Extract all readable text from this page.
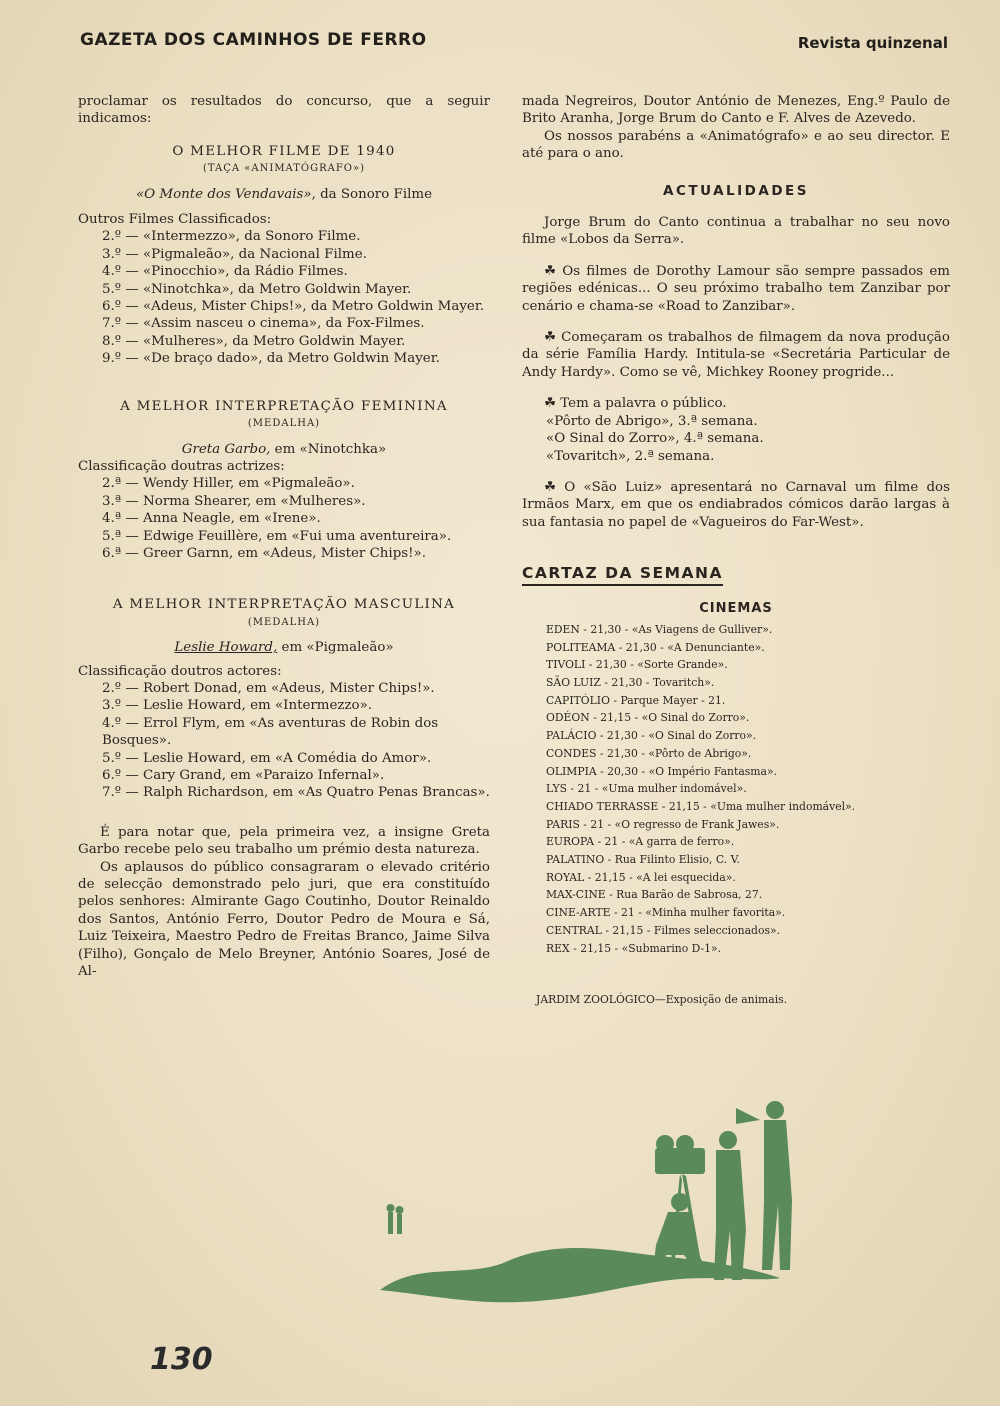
GAZETA DOS CAMINHOS DE FERRO	Revista quinzenal

proclamar os resultados do concurso, que a seguir indicamos:

O MELHOR FILME DE 1940

(TAÇA «ANIMATÓGRAFO»)

«O Monte dos Vendavais», da Sonoro Filme

Outros Filmes Classificados:

2.º — «Intermezzo», da Sonoro Filme.
3.º — «Pigmaleão», da Nacional Filme.
4.º — «Pinocchio», da Rádio Filmes.
5.º — «Ninotchka», da Metro Goldwin Mayer.
6.º — «Adeus, Mister Chips!», da Metro Goldwin Mayer.
7.º — «Assim nasceu o cinema», da Fox-Filmes.
8.º — «Mulheres», da Metro Goldwin Mayer.
9.º — «De braço dado», da Metro Goldwin Mayer.

A MELHOR INTERPRETAÇÃO FEMININA

(MEDALHA)

Greta Garbo, em «Ninotchka»

Classificação doutras actrizes:

2.ª — Wendy Hiller, em «Pigmaleão».
3.ª — Norma Shearer, em «Mulheres».
4.ª — Anna Neagle, em «Irene».
5.ª — Edwige Feuillère, em «Fui uma aventureira».
6.ª — Greer Garnn, em «Adeus, Mister Chips!».

A MELHOR INTERPRETAÇÃO MASCULINA

(MEDALHA)

Leslie Howard, em «Pigmaleão»

Classificação doutros actores:

2.º — Robert Donad, em «Adeus, Mister Chips!».
3.º — Leslie Howard, em «Intermezzo».
4.º — Errol Flym, em «As aventuras de Robin dos Bosques».
5.º — Leslie Howard, em «A Comédia do Amor».
6.º — Cary Grand, em «Paraizo Infernal».
7.º — Ralph Richardson, em «As Quatro Penas Brancas».

É para notar que, pela primeira vez, a insigne Greta Garbo recebe pelo seu trabalho um prémio desta natureza.

Os aplausos do público consagraram o elevado critério de selecção demonstrado pelo juri, que era constituído pelos senhores: Almirante Gago Coutinho, Doutor Reinaldo dos Santos, António Ferro, Doutor Pedro de Moura e Sá, Luiz Teixeira, Maestro Pedro de Freitas Branco, Jaime Silva (Filho), Gonçalo de Melo Breyner, António Soares, José de Al-

mada Negreiros, Doutor António de Menezes, Eng.º Paulo de Brito Aranha, Jorge Brum do Canto e F. Alves de Azevedo.

Os nossos parabéns a «Animatógrafo» e ao seu director. E até para o ano.

ACTUALIDADES

Jorge Brum do Canto continua a trabalhar no seu novo filme «Lobos da Serra».

☘ Os filmes de Dorothy Lamour são sempre passados em regiões edénicas... O seu próximo trabalho tem Zanzibar por cenário e chama-se «Road to Zanzibar».

☘ Começaram os trabalhos de filmagem da nova produção da série Família Hardy. Intitula-se «Secretária Particular de Andy Hardy». Como se vê, Michkey Rooney progride...

☘ Tem a palavra o público.

«Pôrto de Abrigo», 3.ª semana.
«O Sinal do Zorro», 4.ª semana.
«Tovaritch», 2.ª semana.

☘ O «São Luiz» apresentará no Carnaval um filme dos Irmãos Marx, em que os endiabrados cómicos darão largas à sua fantasia no papel de «Vagueiros do Far-West».

CARTAZ DA SEMANA

CINEMAS

EDEN - 21,30 - «As Viagens de Gulliver».
POLITEAMA - 21,30 - «A Denunciante».
TIVOLI - 21,30 - «Sorte Grande».
SÃO LUIZ - 21,30 - Tovaritch».
CAPITÓLIO - Parque Mayer - 21.
ODÉON - 21,15 - «O Sinal do Zorro».
PALÁCIO - 21,30 - «O Sinal do Zorro».
CONDES - 21,30 - «Pôrto de Abrigo».
OLIMPIA - 20,30 - «O Império Fantasma».
LYS - 21 - «Uma mulher indomável».
CHIADO TERRASSE - 21,15 - «Uma mulher indomável».
PARIS - 21 - «O regresso de Frank Jawes».
EUROPA - 21 - «A garra de ferro».
PALATINO - Rua Filinto Elisio, C. V.
ROYAL - 21,15 - «A lei esquecida».
MAX-CINE - Rua Barão de Sabrosa, 27.
CINE-ARTE - 21 - «Minha mulher favorita».
CENTRAL - 21,15 - Filmes seleccionados».
REX - 21,15 - «Submarino D-1».

JARDIM ZOOLÓGICO—Exposição de animais.

130
